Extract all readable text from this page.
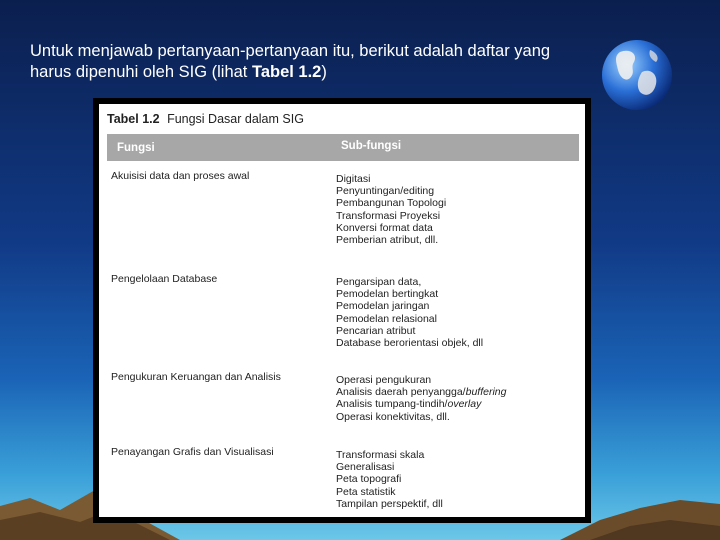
Untuk menjawab pertanyaan-pertanyaan itu, berikut adalah daftar yang harus dipenuhi oleh SIG (lihat Tabel 1.2)
Tabel 1.2 Fungsi Dasar dalam SIG
Fungsi	Sub-fungsi
Akuisisi data dan proses awal	Digitasi
Penyuntingan/editing
Pembangunan Topologi
Transformasi Proyeksi
Konversi format data
Pemberian atribut, dll.
Pengelolaan Database	Pengarsipan data,
Pemodelan bertingkat
Pemodelan jaringan
Pemodelan relasional
Pencarian atribut
Database berorientasi objek, dll
Pengukuran Keruangan dan Analisis	Operasi pengukuran
Analisis daerah penyangga/buffering
Analisis tumpang-tindih/overlay
Operasi konektivitas, dll.
Penayangan Grafis dan Visualisasi	Transformasi skala
Generalisasi
Peta topografi
Peta statistik
Tampilan perspektif, dll
